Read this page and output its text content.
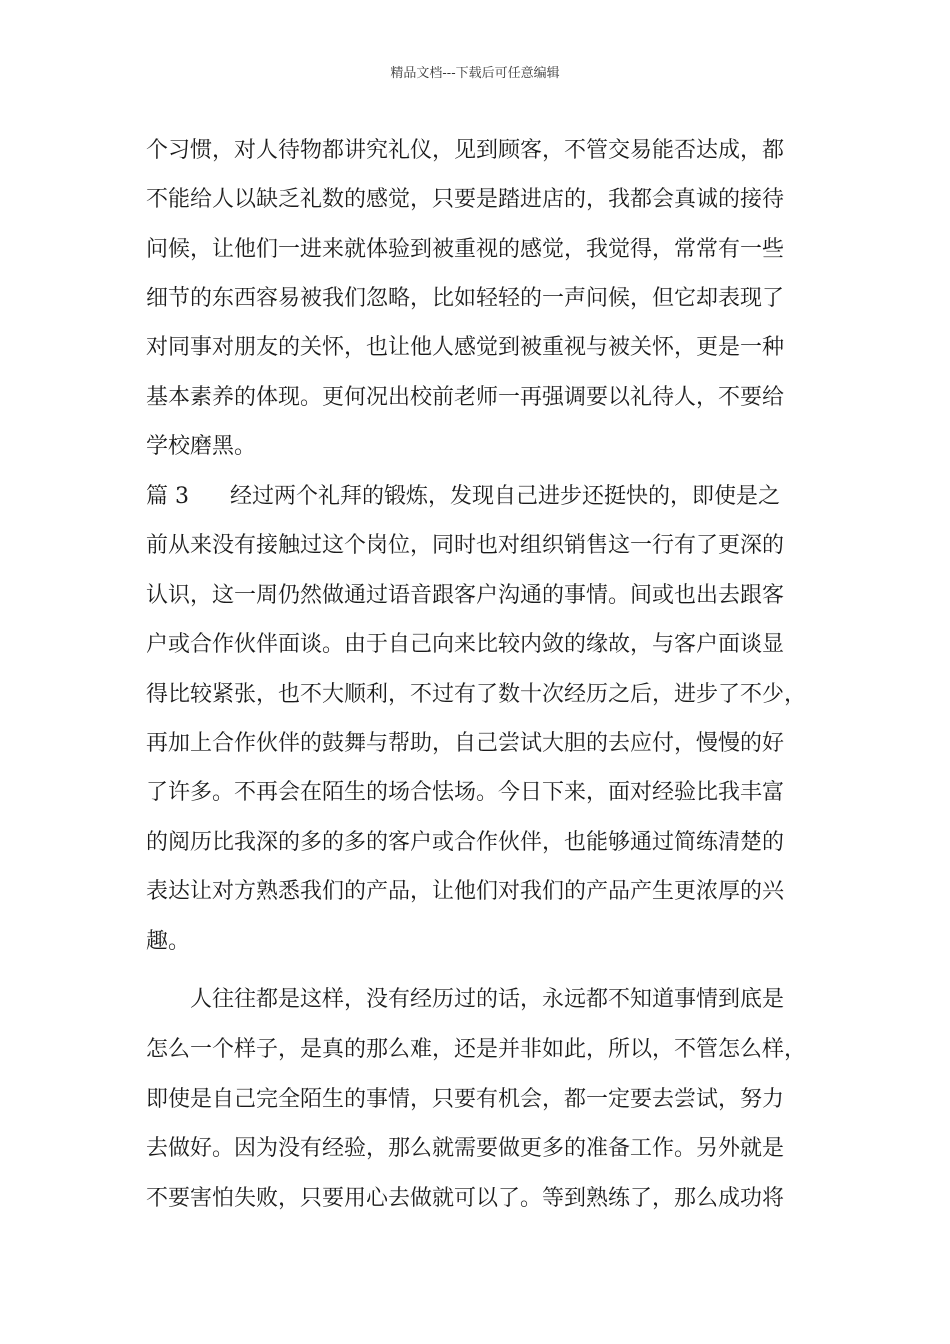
精品文档---下载后可任意编辑
个习惯，对人待物都讲究礼仪，见到顾客，不管交易能否达成，都
不能给人以缺乏礼数的感觉，只要是踏进店的，我都会真诚的接待
问候，让他们一进来就体验到被重视的感觉，我觉得，常常有一些
细节的东西容易被我们忽略，比如轻轻的一声问候，但它却表现了
对同事对朋友的关怀，也让他人感觉到被重视与被关怀，更是一种
基本素养的体现。更何况出校前老师一再强调要以礼待人，不要给
学校磨黑。
篇 3 经过两个礼拜的锻炼，发现自己进步还挺快的，即使是之
前从来没有接触过这个岗位，同时也对组织销售这一行有了更深的
认识，这一周仍然做通过语音跟客户沟通的事情。间或也出去跟客
户或合作伙伴面谈。由于自己向来比较内敛的缘故，与客户面谈显
得比较紧张，也不大顺利，不过有了数十次经历之后，进步了不少，
再加上合作伙伴的鼓舞与帮助，自己尝试大胆的去应付，慢慢的好
了许多。不再会在陌生的场合怯场。今日下来，面对经验比我丰富
的阅历比我深的多的多的客户或合作伙伴，也能够通过简练清楚的
表达让对方熟悉我们的产品，让他们对我们的产品产生更浓厚的兴
趣。
人往往都是这样，没有经历过的话，永远都不知道事情到底是
怎么一个样子，是真的那么难，还是并非如此，所以，不管怎么样，
即使是自己完全陌生的事情，只要有机会，都一定要去尝试，努力
去做好。因为没有经验，那么就需要做更多的准备工作。另外就是
不要害怕失败，只要用心去做就可以了。等到熟练了，那么成功将
